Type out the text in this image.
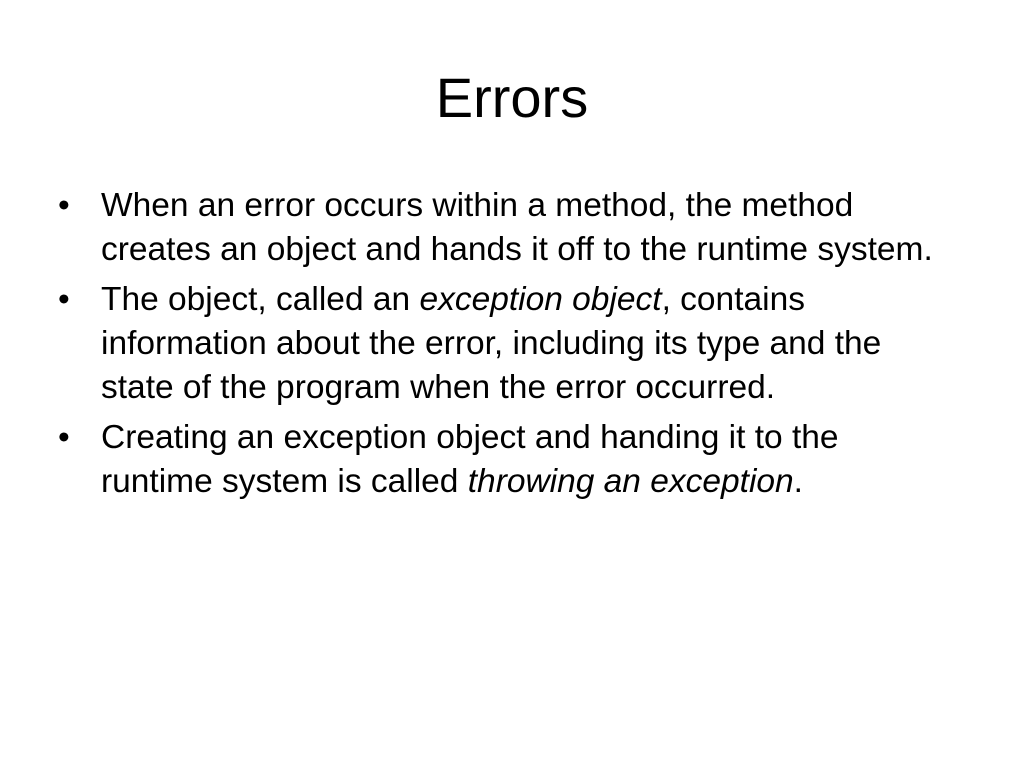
Errors
• When an error occurs within a method, the method creates an object and hands it off to the runtime system.
• The object, called an exception object, contains information about the error, including its type and the state of the program when the error occurred.
• Creating an exception object and handing it to the runtime system is called throwing an exception.
